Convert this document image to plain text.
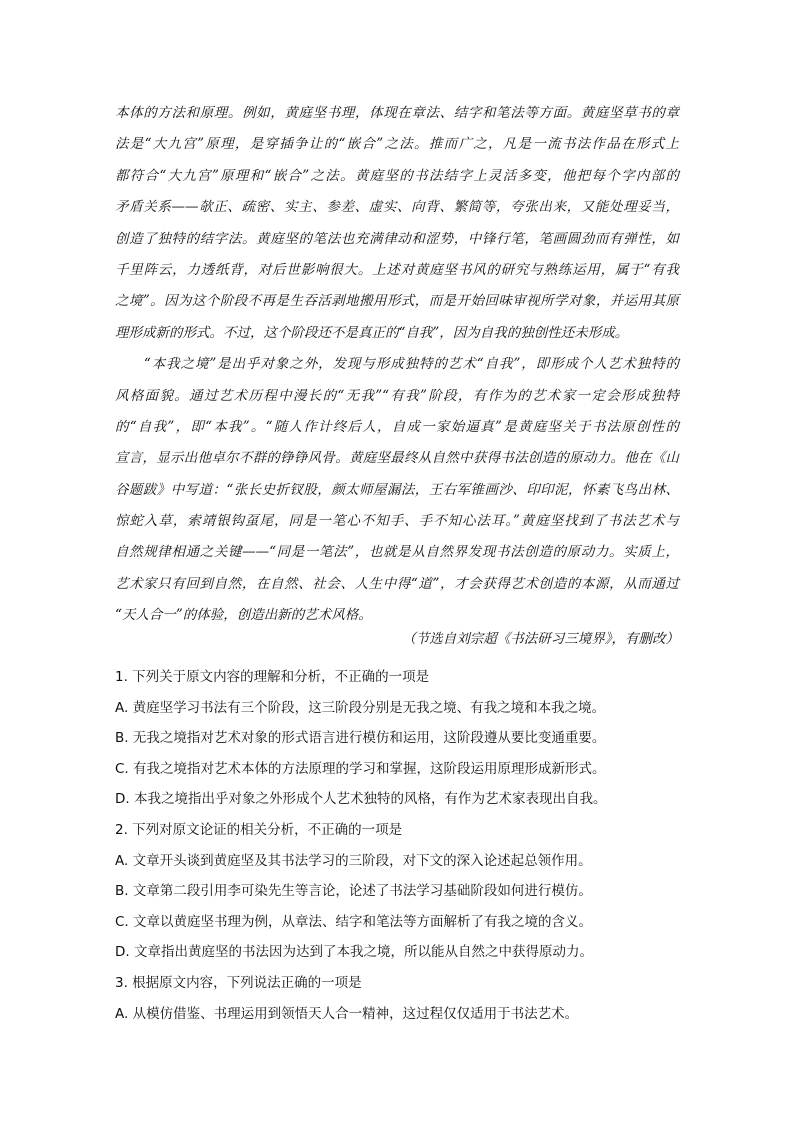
本体的方法和原理。例如，黄庭坚书理，体现在章法、结字和笔法等方面。黄庭坚草书的章
法是“大九宫”原理，是穿插争让的“嵌合”之法。推而广之，凡是一流书法作品在形式上
都符合“大九宫”原理和“嵌合”之法。黄庭坚的书法结字上灵活多变，他把每个字内部的
矛盾关系——欹正、疏密、实主、参差、虚实、向背、繁简等，夸张出来，又能处理妥当，
创造了独特的结字法。黄庭坚的笔法也充满律动和涩势，中锋行笔，笔画圆劲而有弹性，如
千里阵云，力透纸背，对后世影响很大。上述对黄庭坚书风的研究与熟练运用，属于“有我
之境”。因为这个阶段不再是生吞活剥地搬用形式，而是开始回味审视所学对象，并运用其原
理形成新的形式。不过，这个阶段还不是真正的“自我”，因为自我的独创性还未形成。
　　“本我之境”是出乎对象之外，发现与形成独特的艺术“自我”，即形成个人艺术独特的
风格面貌。通过艺术历程中漫长的“无我”“有我”阶段，有作为的艺术家一定会形成独特
的“自我”，即“本我”。“随人作计终后人，自成一家始逼真”是黄庭坚关于书法原创性的
宣言，显示出他卓尔不群的铮铮风骨。黄庭坚最终从自然中获得书法创造的原动力。他在《山
谷题跋》中写道：“张长史折钗股，颜太师屋漏法，王右军锥画沙、印印泥，怀素飞鸟出林、
惊蛇入草，索靖银钩虿尾，同是一笔心不知手、手不知心法耳。”黄庭坚找到了书法艺术与
自然规律相通之关键——“同是一笔法”，也就是从自然界发现书法创造的原动力。实质上，
艺术家只有回到自然，在自然、社会、人生中得“道”，才会获得艺术创造的本源，从而通过
“天人合一”的体验，创造出新的艺术风格。
（节选自刘宗超《书法研习三境界》，有删改）
1. 下列关于原文内容的理解和分析，不正确的一项是
A. 黄庭坚学习书法有三个阶段，这三阶段分别是无我之境、有我之境和本我之境。
B. 无我之境指对艺术对象的形式语言进行模仿和运用，这阶段遵从要比变通重要。
C. 有我之境指对艺术本体的方法原理的学习和掌握，这阶段运用原理形成新形式。
D. 本我之境指出乎对象之外形成个人艺术独特的风格，有作为艺术家表现出自我。
2. 下列对原文论证的相关分析，不正确的一项是
A. 文章开头谈到黄庭坚及其书法学习的三阶段，对下文的深入论述起总领作用。
B. 文章第二段引用李可染先生等言论，论述了书法学习基础阶段如何进行模仿。
C. 文章以黄庭坚书理为例，从章法、结字和笔法等方面解析了有我之境的含义。
D. 文章指出黄庭坚的书法因为达到了本我之境，所以能从自然之中获得原动力。
3. 根据原文内容，下列说法正确的一项是
A. 从模仿借鉴、书理运用到领悟天人合一精神，这过程仅仅适用于书法艺术。
